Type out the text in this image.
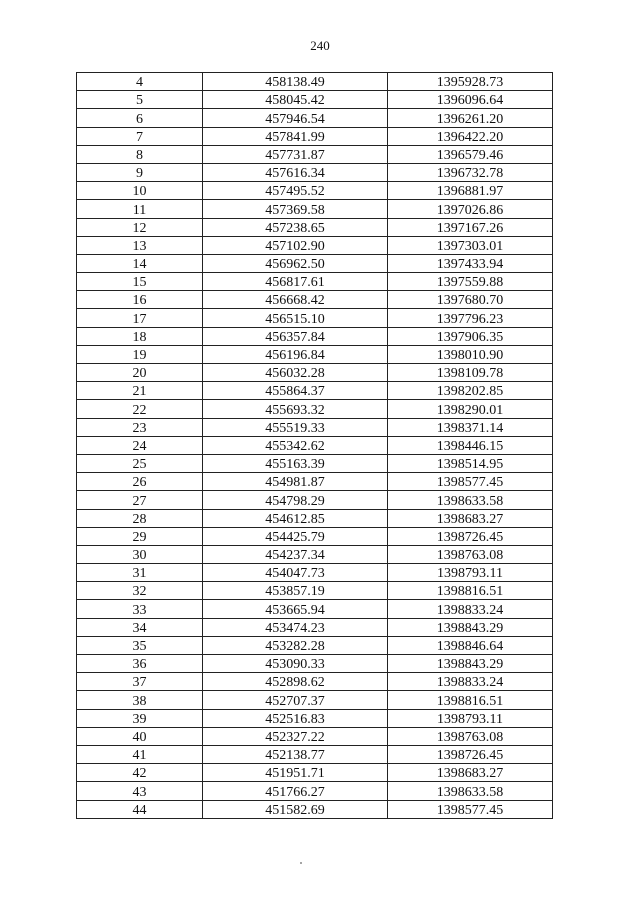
240
4	458138.49	1395928.73
5	458045.42	1396096.64
6	457946.54	1396261.20
7	457841.99	1396422.20
8	457731.87	1396579.46
9	457616.34	1396732.78
10	457495.52	1396881.97
11	457369.58	1397026.86
12	457238.65	1397167.26
13	457102.90	1397303.01
14	456962.50	1397433.94
15	456817.61	1397559.88
16	456668.42	1397680.70
17	456515.10	1397796.23
18	456357.84	1397906.35
19	456196.84	1398010.90
20	456032.28	1398109.78
21	455864.37	1398202.85
22	455693.32	1398290.01
23	455519.33	1398371.14
24	455342.62	1398446.15
25	455163.39	1398514.95
26	454981.87	1398577.45
27	454798.29	1398633.58
28	454612.85	1398683.27
29	454425.79	1398726.45
30	454237.34	1398763.08
31	454047.73	1398793.11
32	453857.19	1398816.51
33	453665.94	1398833.24
34	453474.23	1398843.29
35	453282.28	1398846.64
36	453090.33	1398843.29
37	452898.62	1398833.24
38	452707.37	1398816.51
39	452516.83	1398793.11
40	452327.22	1398763.08
41	452138.77	1398726.45
42	451951.71	1398683.27
43	451766.27	1398633.58
44	451582.69	1398577.45
